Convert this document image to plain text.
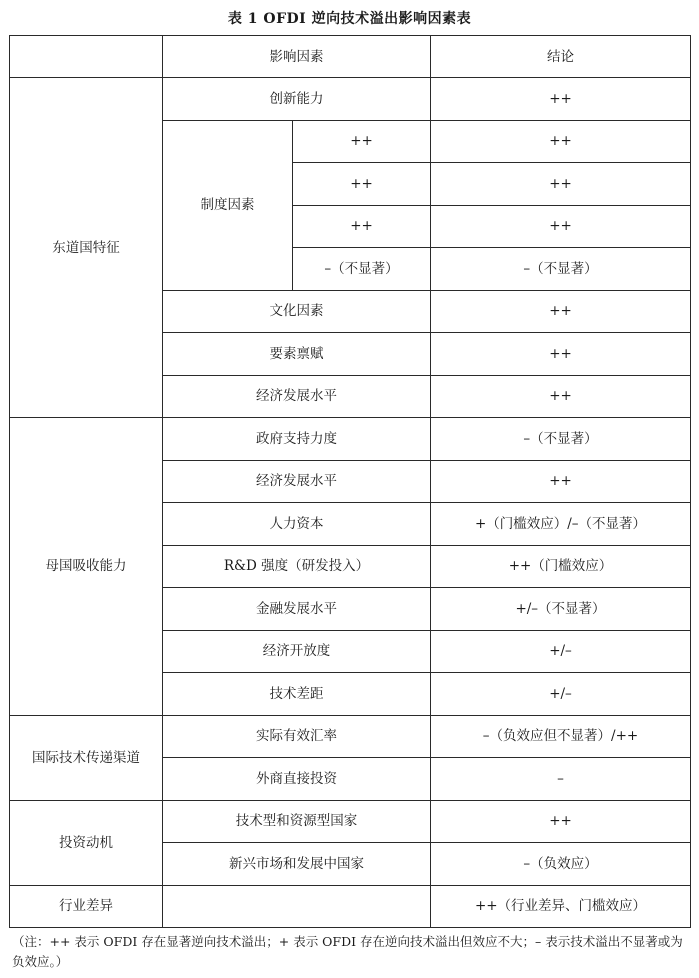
表 1 OFDI 逆向技术溢出影响因素表
	影响因素		结论
东道国特征	创新能力		++
	制度因素	++	++
		++	++
		++	++
		–（不显著）	–（不显著）
	文化因素		++
	要素禀赋		++
	经济发展水平		++
母国吸收能力	政府支持力度		–（不显著）
	经济发展水平		++
	人力资本		+（门槛效应）/–（不显著）
	R&D 强度（研发投入）		++（门槛效应）
	金融发展水平		+/–（不显著）
	经济开放度		+/–
	技术差距		+/–
国际技术传递渠道	实际有效汇率		–（负效应但不显著）/++
	外商直接投资		–
投资动机	技术型和资源型国家		++
	新兴市场和发展中国家		–（负效应）
行业差异			++（行业差异、门槛效应）
（注：++ 表示 OFDI 存在显著逆向技术溢出；+ 表示 OFDI 存在逆向技术溢出但效应不大；– 表示技术溢出不显著或为负效应。）
